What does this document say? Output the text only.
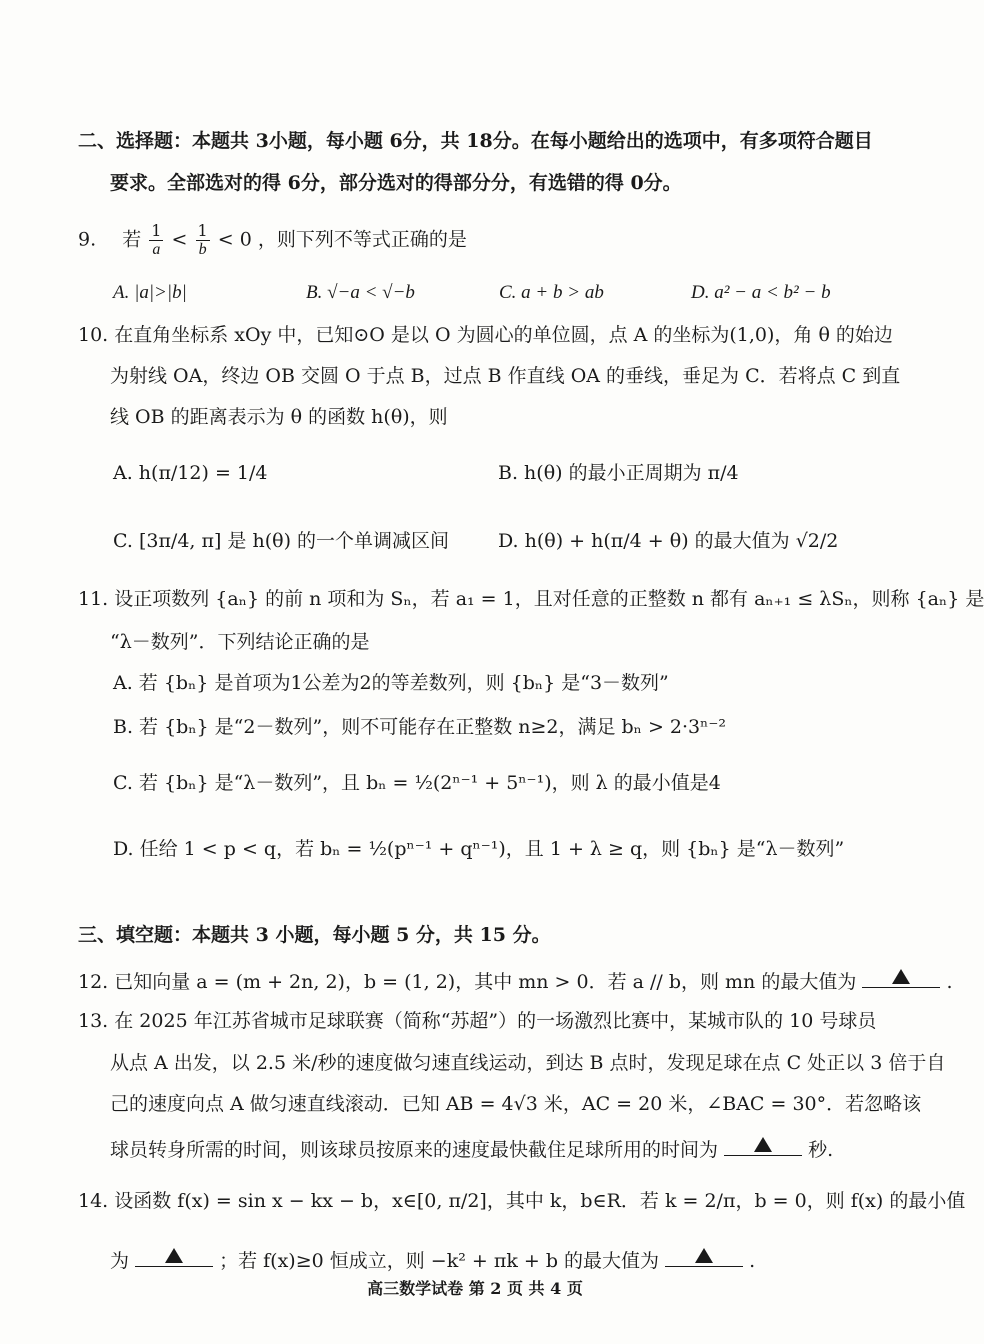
二、选择题：本题共 3小题，每小题 6分，共 18分。在每小题给出的选项中，有多项符合题目
要求。全部选对的得 6分，部分选对的得部分分，有选错的得 0分。
9. 若 $\frac{1}{a} < \frac{1}{b} < 0$ ，则下列不等式正确的是
A. |a|>|b|	B. √−a < √−b	C. a + b > ab	D. a² − a < b² − b
10. 在直角坐标系 xOy 中，已知⊙O 是以 O 为圆心的单位圆，点 A 的坐标为(1,0)，角 θ 的始边
为射线 OA，终边 OB 交圆 O 于点 B，过点 B 作直线 OA 的垂线，垂足为 C．若将点 C 到直
线 OB 的距离表示为 θ 的函数 h(θ)，则
A. h(π/12) = 1/4	B. h(θ) 的最小正周期为 π/4
C. [3π/4, π] 是 h(θ) 的一个单调减区间	D. h(θ) + h(π/4 + θ) 的最大值为 √2/2
11. 设正项数列 {aₙ} 的前 n 项和为 Sₙ，若 a₁ = 1，且对任意的正整数 n 都有 aₙ₊₁ ≤ λSₙ，则称 {aₙ} 是
“λ－数列”．下列结论正确的是
A. 若 {bₙ} 是首项为1公差为2的等差数列，则 {bₙ} 是“3－数列”
B. 若 {bₙ} 是“2－数列”，则不可能存在正整数 n≥2，满足 bₙ > 2·3ⁿ⁻²
C. 若 {bₙ} 是“λ－数列”，且 bₙ = ½(2ⁿ⁻¹ + 5ⁿ⁻¹)，则 λ 的最小值是4
D. 任给 1 < p < q，若 bₙ = ½(pⁿ⁻¹ + qⁿ⁻¹)，且 1 + λ ≥ q，则 {bₙ} 是“λ－数列”
三、填空题：本题共 3 小题，每小题 5 分，共 15 分。
12. 已知向量 a = (m + 2n, 2)，b = (1, 2)，其中 mn > 0．若 a // b，则 mn 的最大值为	.
13. 在 2025 年江苏省城市足球联赛（简称“苏超”）的一场激烈比赛中，某城市队的 10 号球员
从点 A 出发，以 2.5 米/秒的速度做匀速直线运动，到达 B 点时，发现足球在点 C 处正以 3 倍于自
己的速度向点 A 做匀速直线滚动．已知 AB = 4√3 米，AC = 20 米，∠BAC = 30°．若忽略该
球员转身所需的时间，则该球员按原来的速度最快截住足球所用的时间为	秒.
14. 设函数 f(x) = sin x − kx − b，x∈[0, π/2]，其中 k，b∈R．若 k = 2/π，b = 0，则 f(x) 的最小值
为	；若 f(x)≥0 恒成立，则 −k² + πk + b 的最大值为	.
高三数学试卷 第 2 页 共 4 页
